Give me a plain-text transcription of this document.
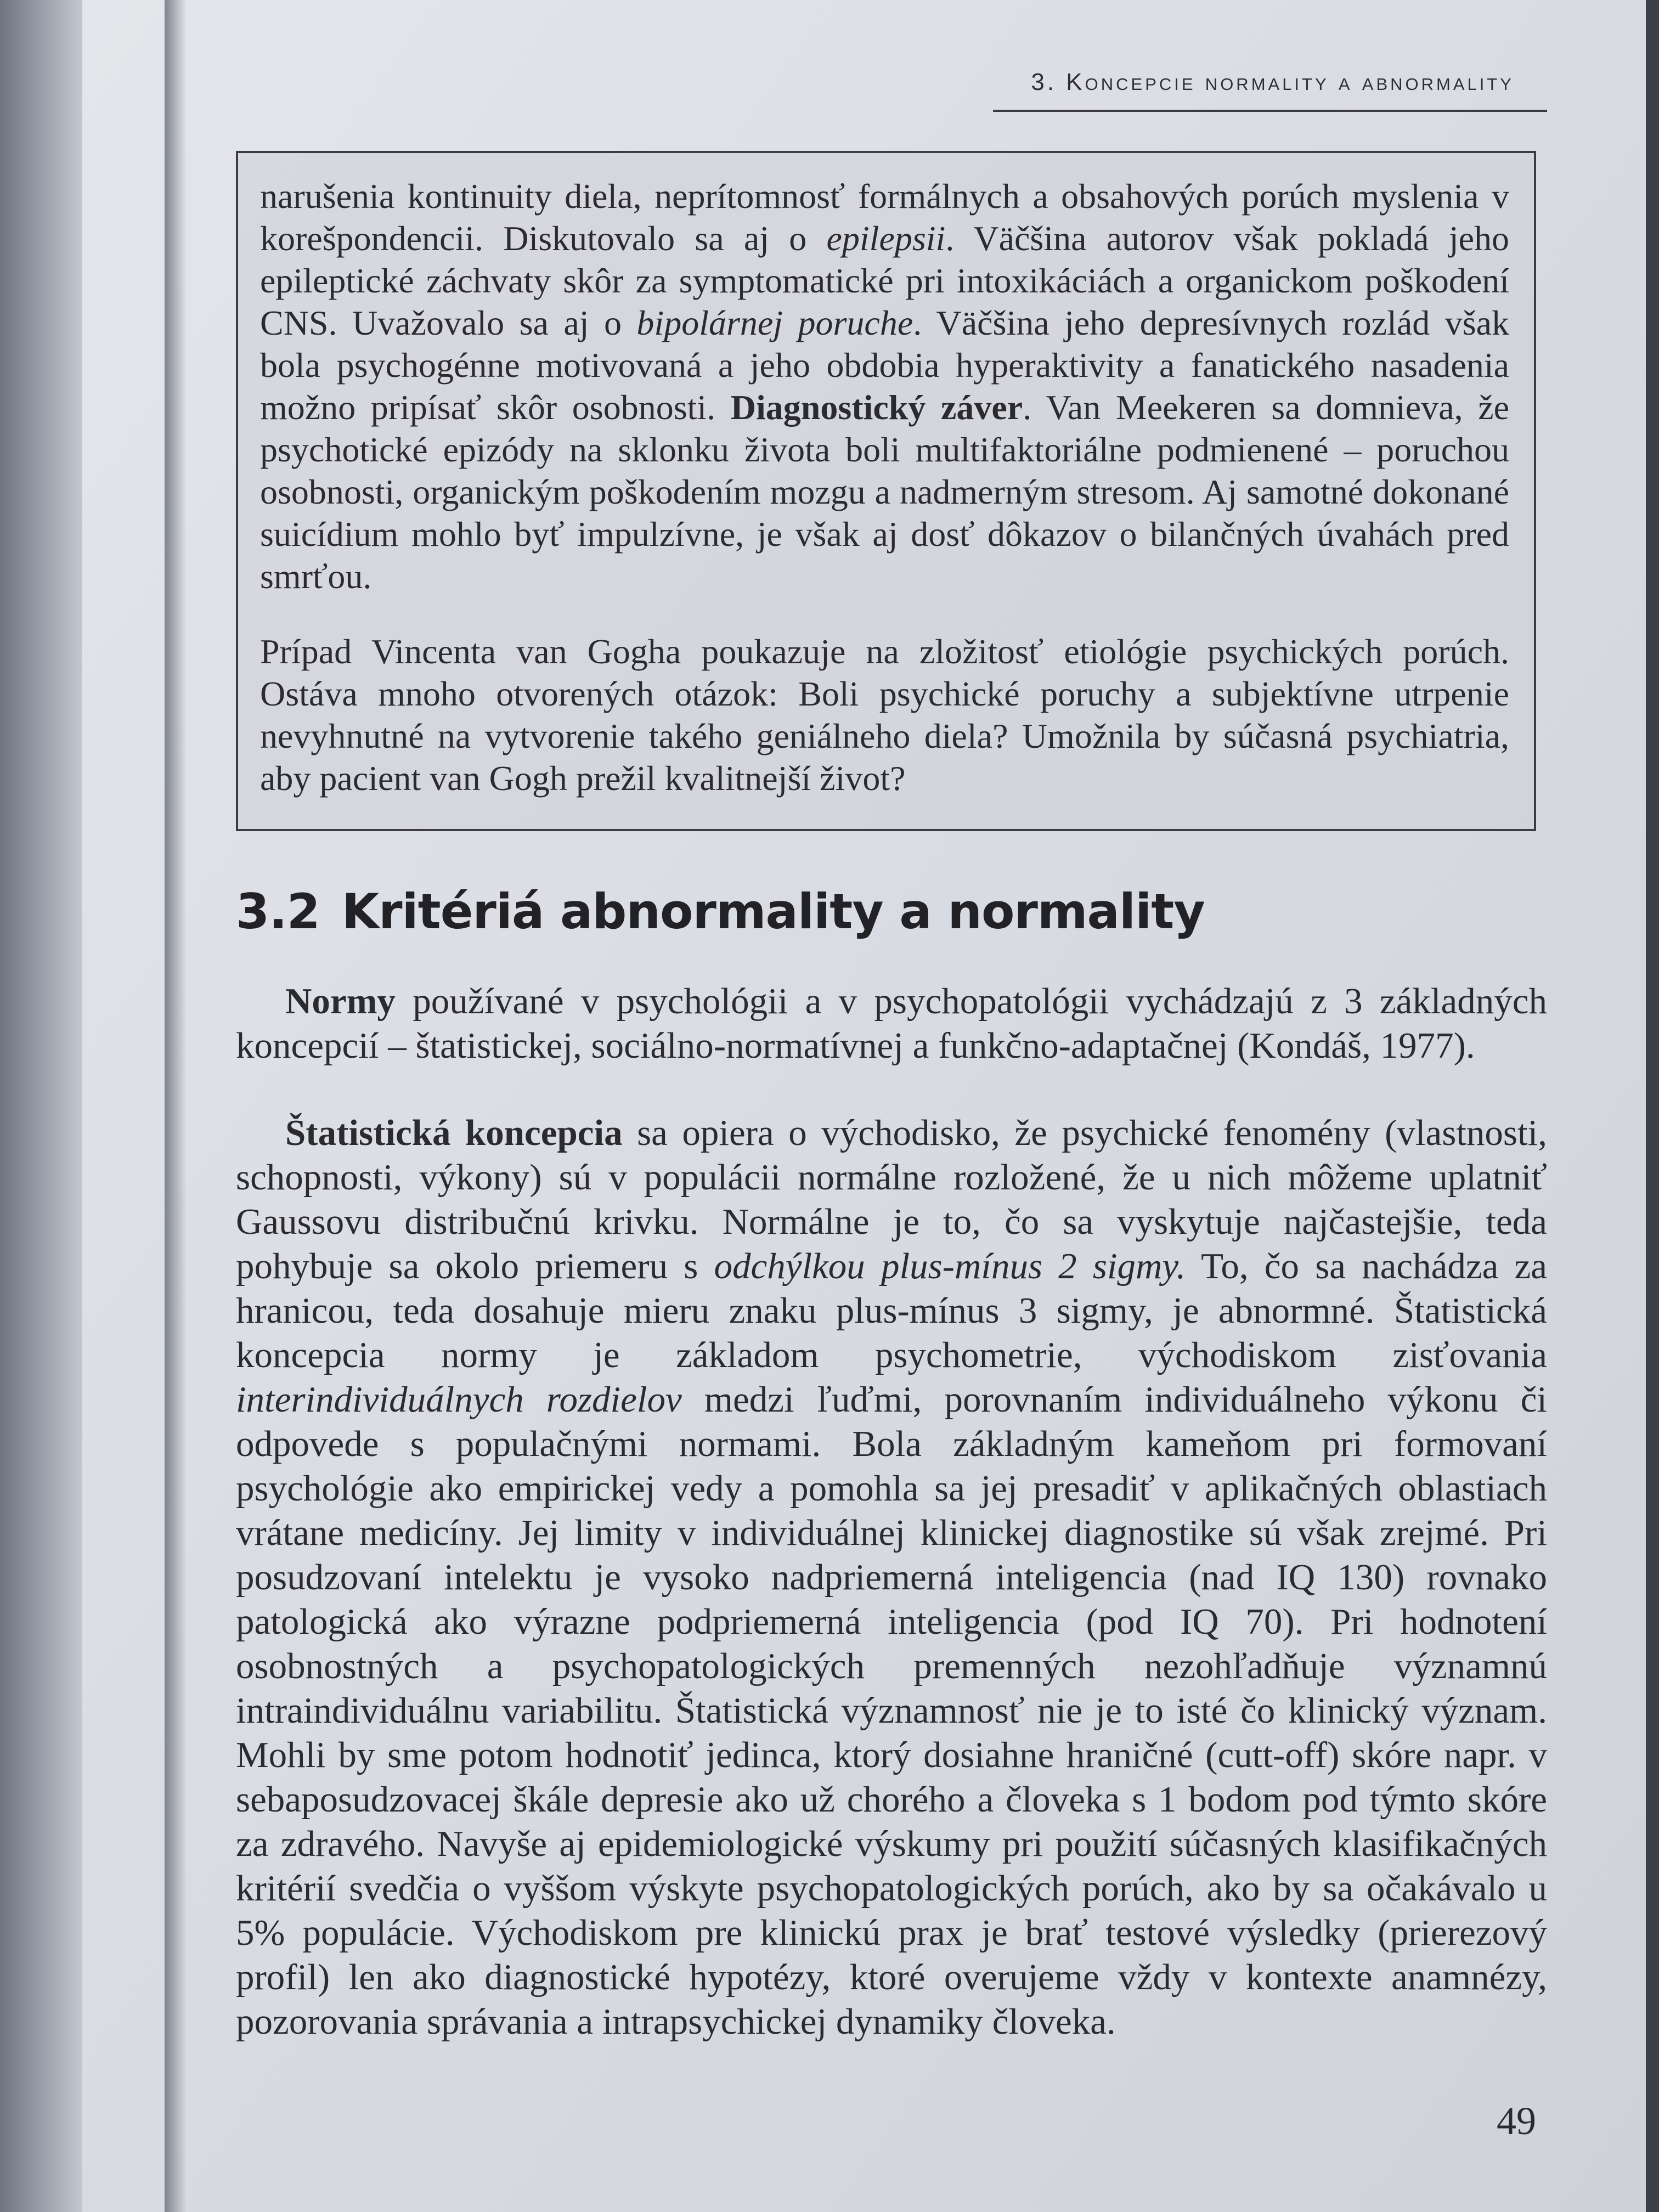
3. Koncepcie normality a abnormality

narušenia kontinuity diela, neprítomnosť formálnych a obsahových porúch myslenia v korešpondencii. Diskutovalo sa aj o epilepsii. Väčšina autorov však pokladá jeho epileptické záchvaty skôr za symptomatické pri intoxikáciách a organickom poškodení CNS. Uvažovalo sa aj o bipolárnej poruche. Väčšina jeho depresívnych rozlád však bola psychogénne motivovaná a jeho obdobia hyperaktivity a fanatického nasadenia možno pripísať skôr osobnosti. Diagnostický záver. Van Meekeren sa domnieva, že psychotické epizódy na sklonku života boli multifaktoriálne podmienené – poruchou osobnosti, organickým poškodením mozgu a nadmerným stresom. Aj samotné dokonané suicídium mohlo byť impulzívne, je však aj dosť dôkazov o bilančných úvahách pred smrťou.

Prípad Vincenta van Gogha poukazuje na zložitosť etiológie psychických porúch. Ostáva mnoho otvorených otázok: Boli psychické poruchy a subjektívne utrpenie nevyhnutné na vytvorenie takého geniálneho diela? Umožnila by súčasná psychiatria, aby pacient van Gogh prežil kvalitnejší život?

3.2 Kritériá abnormality a normality

Normy používané v psychológii a v psychopatológii vychádzajú z 3 základných koncepcií – štatistickej, sociálno-normatívnej a funkčno-adaptačnej (Kondáš, 1977).

Štatistická koncepcia sa opiera o východisko, že psychické fenomény (vlastnosti, schopnosti, výkony) sú v populácii normálne rozložené, že u nich môžeme uplatniť Gaussovu distribučnú krivku. Normálne je to, čo sa vyskytuje najčastejšie, teda pohybuje sa okolo priemeru s odchýlkou plus-mínus 2 sigmy. To, čo sa nachádza za hranicou, teda dosahuje mieru znaku plus-mínus 3 sigmy, je abnormné. Štatistická koncepcia normy je základom psychometrie, východiskom zisťovania interindividuálnych rozdielov medzi ľuďmi, porovnaním individuálneho výkonu či odpovede s populačnými normami. Bola základným kameňom pri formovaní psychológie ako empirickej vedy a pomohla sa jej presadiť v aplikačných oblastiach vrátane medicíny. Jej limity v individuálnej klinickej diagnostike sú však zrejmé. Pri posudzovaní intelektu je vysoko nadpriemerná inteligencia (nad IQ 130) rovnako patologická ako výrazne podpriemerná inteligencia (pod IQ 70). Pri hodnotení osobnostných a psychopatologických premenných nezohľadňuje významnú intraindividuálnu variabilitu. Štatistická významnosť nie je to isté čo klinický význam. Mohli by sme potom hodnotiť jedinca, ktorý dosiahne hraničné (cutt-off) skóre napr. v sebaposudzovacej škále depresie ako už chorého a človeka s 1 bodom pod týmto skóre za zdravého. Navyše aj epidemiologické výskumy pri použití súčasných klasifikačných kritérií svedčia o vyššom výskyte psychopatologických porúch, ako by sa očakávalo u 5% populácie. Východiskom pre klinickú prax je brať testové výsledky (prierezový profil) len ako diagnostické hypotézy, ktoré overujeme vždy v kontexte anamnézy, pozorovania správania a intrapsychickej dynamiky človeka.

49
